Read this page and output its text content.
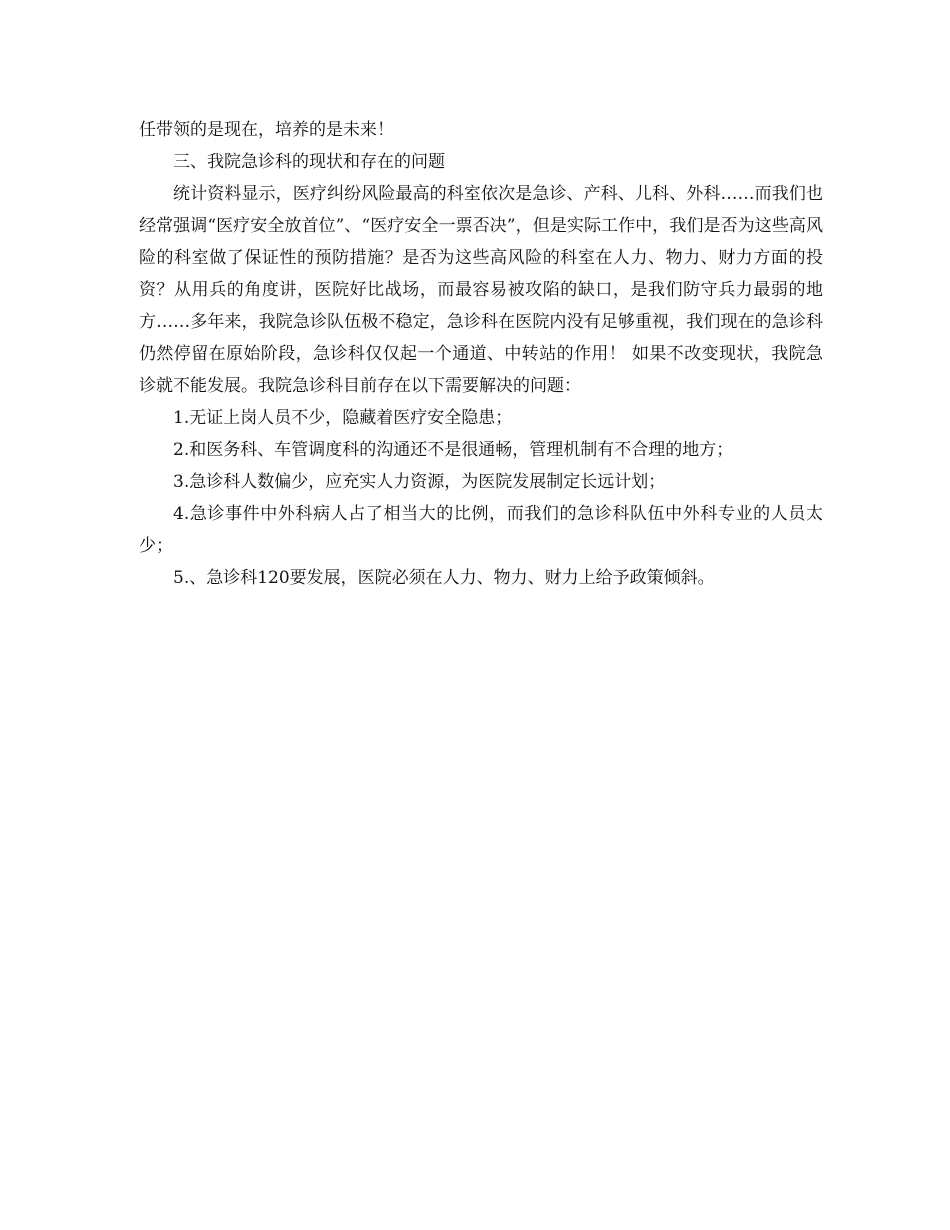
任带领的是现在，培养的是未来！

三、我院急诊科的现状和存在的问题

统计资料显示，医疗纠纷风险最高的科室依次是急诊、产科、儿科、外科……而我们也经常强调“医疗安全放首位”、“医疗安全一票否决”，但是实际工作中，我们是否为这些高风险的科室做了保证性的预防措施？是否为这些高风险的科室在人力、物力、财力方面的投资？从用兵的角度讲，医院好比战场，而最容易被攻陷的缺口，是我们防守兵力最弱的地方……多年来，我院急诊队伍极不稳定，急诊科在医院内没有足够重视，我们现在的急诊科仍然停留在原始阶段，急诊科仅仅起一个通道、中转站的作用！ 如果不改变现状，我院急诊就不能发展。我院急诊科目前存在以下需要解决的问题：

1.无证上岗人员不少，隐藏着医疗安全隐患；

2.和医务科、车管调度科的沟通还不是很通畅，管理机制有不合理的地方；

3.急诊科人数偏少，应充实人力资源，为医院发展制定长远计划；

4.急诊事件中外科病人占了相当大的比例，而我们的急诊科队伍中外科专业的人员太少；

5.、急诊科120要发展，医院必须在人力、物力、财力上给予政策倾斜。
